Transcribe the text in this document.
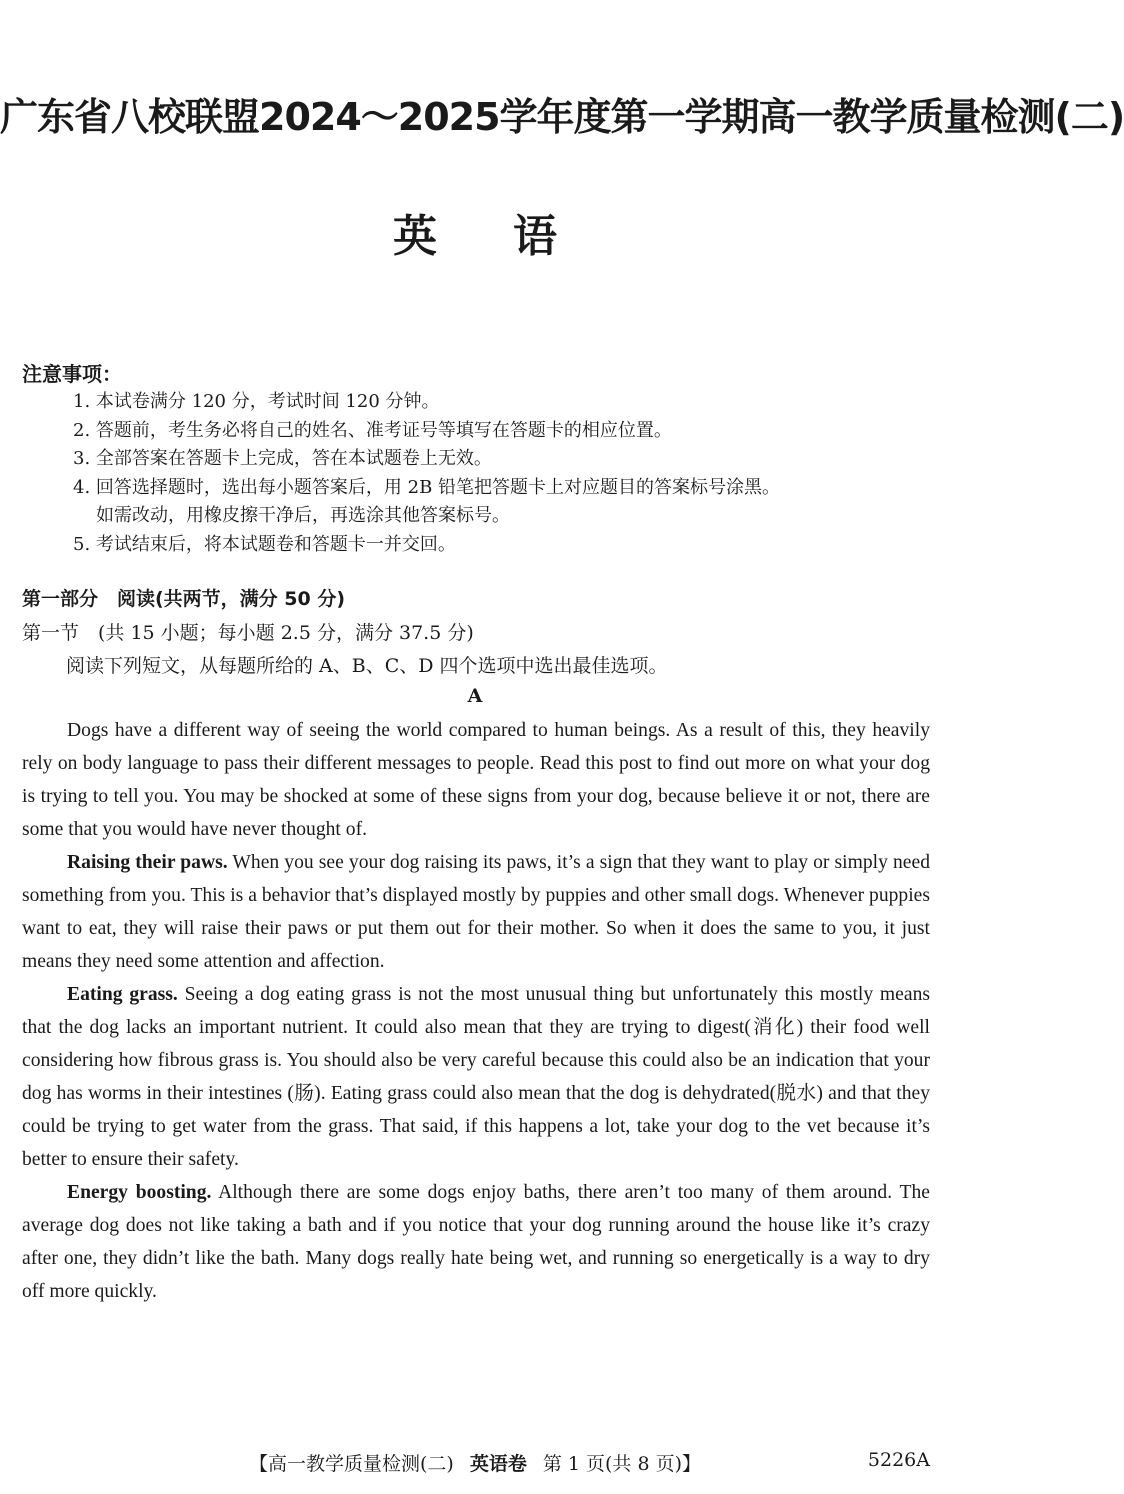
广东省八校联盟2024～2025学年度第一学期高一教学质量检测(二)
英 语
注意事项：
1. 本试卷满分 120 分，考试时间 120 分钟。
2. 答题前，考生务必将自己的姓名、准考证号等填写在答题卡的相应位置。
3. 全部答案在答题卡上完成，答在本试题卷上无效。
4. 回答选择题时，选出每小题答案后，用 2B 铅笔把答题卡上对应题目的答案标号涂黑。
如需改动，用橡皮擦干净后，再选涂其他答案标号。
5. 考试结束后，将本试题卷和答题卡一并交回。
第一部分　阅读(共两节，满分 50 分)
第一节　(共 15 小题；每小题 2.5 分，满分 37.5 分)
阅读下列短文，从每题所给的 A、B、C、D 四个选项中选出最佳选项。
A

Dogs have a different way of seeing the world compared to human beings. As a result of this, they heavily rely on body language to pass their different messages to people. Read this post to find out more on what your dog is trying to tell you. You may be shocked at some of these signs from your dog, because believe it or not, there are some that you would have never thought of.

Raising their paws. When you see your dog raising its paws, it’s a sign that they want to play or simply need something from you. This is a behavior that’s displayed mostly by puppies and other small dogs. Whenever puppies want to eat, they will raise their paws or put them out for their mother. So when it does the same to you, it just means they need some attention and affection.

Eating grass. Seeing a dog eating grass is not the most unusual thing but unfortunately this mostly means that the dog lacks an important nutrient. It could also mean that they are trying to digest(消化) their food well considering how fibrous grass is. You should also be very careful because this could also be an indication that your dog has worms in their intestines (肠). Eating grass could also mean that the dog is dehydrated(脱水) and that they could be trying to get water from the grass. That said, if this happens a lot, take your dog to the vet because it’s better to ensure their safety.

Energy boosting. Although there are some dogs enjoy baths, there aren’t too many of them around. The average dog does not like taking a bath and if you notice that your dog running around the house like it’s crazy after one, they didn’t like the bath. Many dogs really hate being wet, and running so energetically is a way to dry off more quickly.

【高一教学质量检测(二) 英语卷 第 1 页(共 8 页)】	5226A
